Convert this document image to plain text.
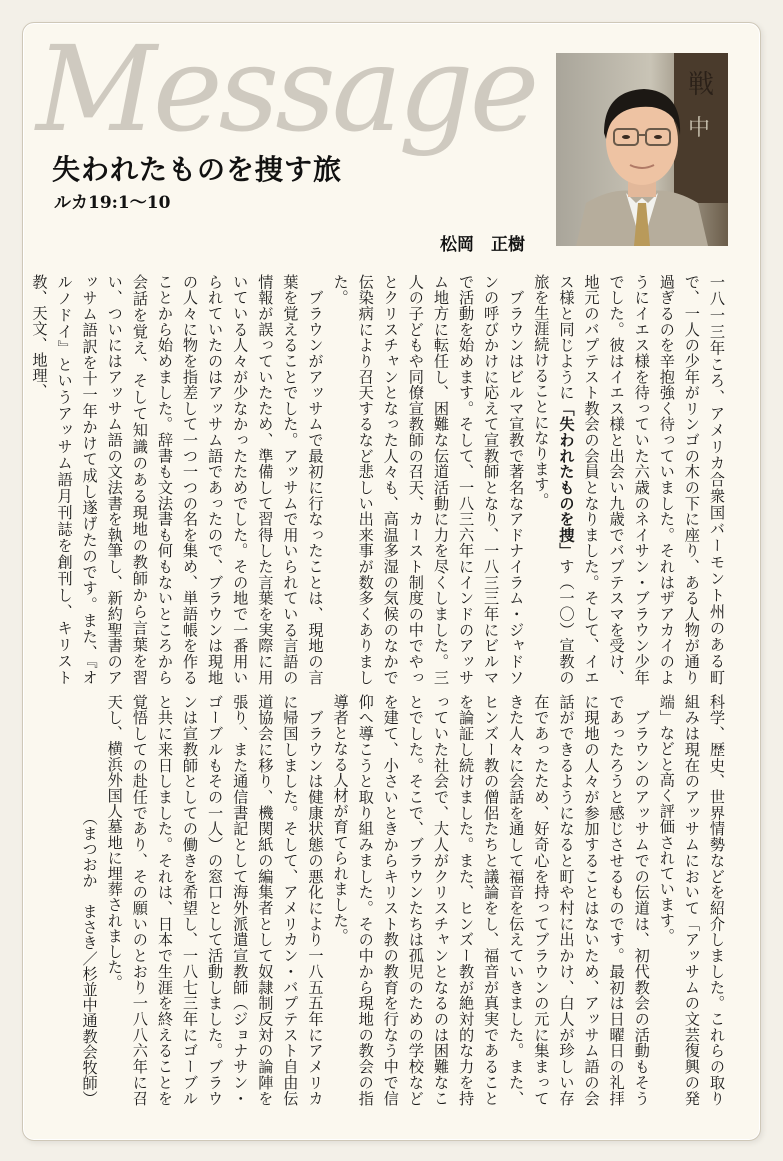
Message	戦
中
失われたものを捜す旅
ルカ19:1〜10
松岡　正樹
一八一三年ころ、アメリカ合衆国バーモント州のある町で、一人の少年がリンゴの木の下に座り、ある人物が通り過ぎるのを辛抱強く待っていました。それはザアカイのようにイエス様を待っていた六歳のネイサン・ブラウン少年でした。彼はイエス様と出会い九歳でバプテスマを受け、地元のバプテスト教会の会員となりました。そして、イエス様と同じように「失われたものを捜」す（一〇）宣教の旅を生涯続けることになります。
　ブラウンはビルマ宣教で著名なアドナイラム・ジャドソンの呼びかけに応えて宣教師となり、一八三三年にビルマで活動を始めます。そして、一八三六年にインドのアッサム地方に転任し、困難な伝道活動に力を尽くしました。三人の子どもや同僚宣教師の召天、カースト制度の中でやっとクリスチャンとなった人々も、高温多湿の気候のなかで伝染病により召天するなど悲しい出来事が数多くありました。
　ブラウンがアッサムで最初に行なったことは、現地の言葉を覚えることでした。アッサムで用いられている言語の情報が誤っていたため、準備して習得した言葉を実際に用いている人々が少なかったためでした。その地で一番用いられていたのはアッサム語であったので、ブラウンは現地の人々に物を指差して一つ一つの名を集め、単語帳を作ることから始めました。辞書も文法書も何もないところから会話を覚え、そして知識のある現地の教師から言葉を習い、ついにはアッサム語の文法書を執筆し、新約聖書のアッサム語訳を十一年かけて成し遂げたのです。また、『オルノドイ』というアッサム語月刊誌を創刊し、キリスト教、天文、地理、
科学、歴史、世界情勢などを紹介しました。これらの取り組みは現在のアッサムにおいて「アッサムの文芸復興の発端」などと高く評価されています。
　ブラウンのアッサムでの伝道は、初代教会の活動もそうであったろうと感じさせるものです。最初は日曜日の礼拝に現地の人々が参加することはないため、アッサム語の会話ができるようになると町や村に出かけ、白人が珍しい存在であったため、好奇心を持ってブラウンの元に集まってきた人々に会話を通して福音を伝えていきました。また、ヒンズー教の僧侶たちと議論をし、福音が真実であることを論証し続けました。また、ヒンズー教が絶対的な力を持っていた社会で、大人がクリスチャンとなるのは困難なことでした。そこで、ブラウンたちは孤児のための学校などを建て、小さいときからキリスト教の教育を行なう中で信仰へ導こうと取り組みました。その中から現地の教会の指導者となる人材が育てられました。
　ブラウンは健康状態の悪化により一八五五年にアメリカに帰国しました。そして、アメリカン・バプテスト自由伝道協会に移り、機関紙の編集者として奴隷制反対の論陣を張り、また通信書記として海外派遣宣教師（ジョナサン・ゴーブルもその一人）の窓口として活動しました。ブラウンは宣教師としての働きを希望し、一八七三年にゴーブルと共に来日しました。それは、日本で生涯を終えることを覚悟しての赴任であり、その願いのとおり一八八六年に召天し、横浜外国人墓地に埋葬されました。

（まつおか　まさき／杉並中通教会牧師）
